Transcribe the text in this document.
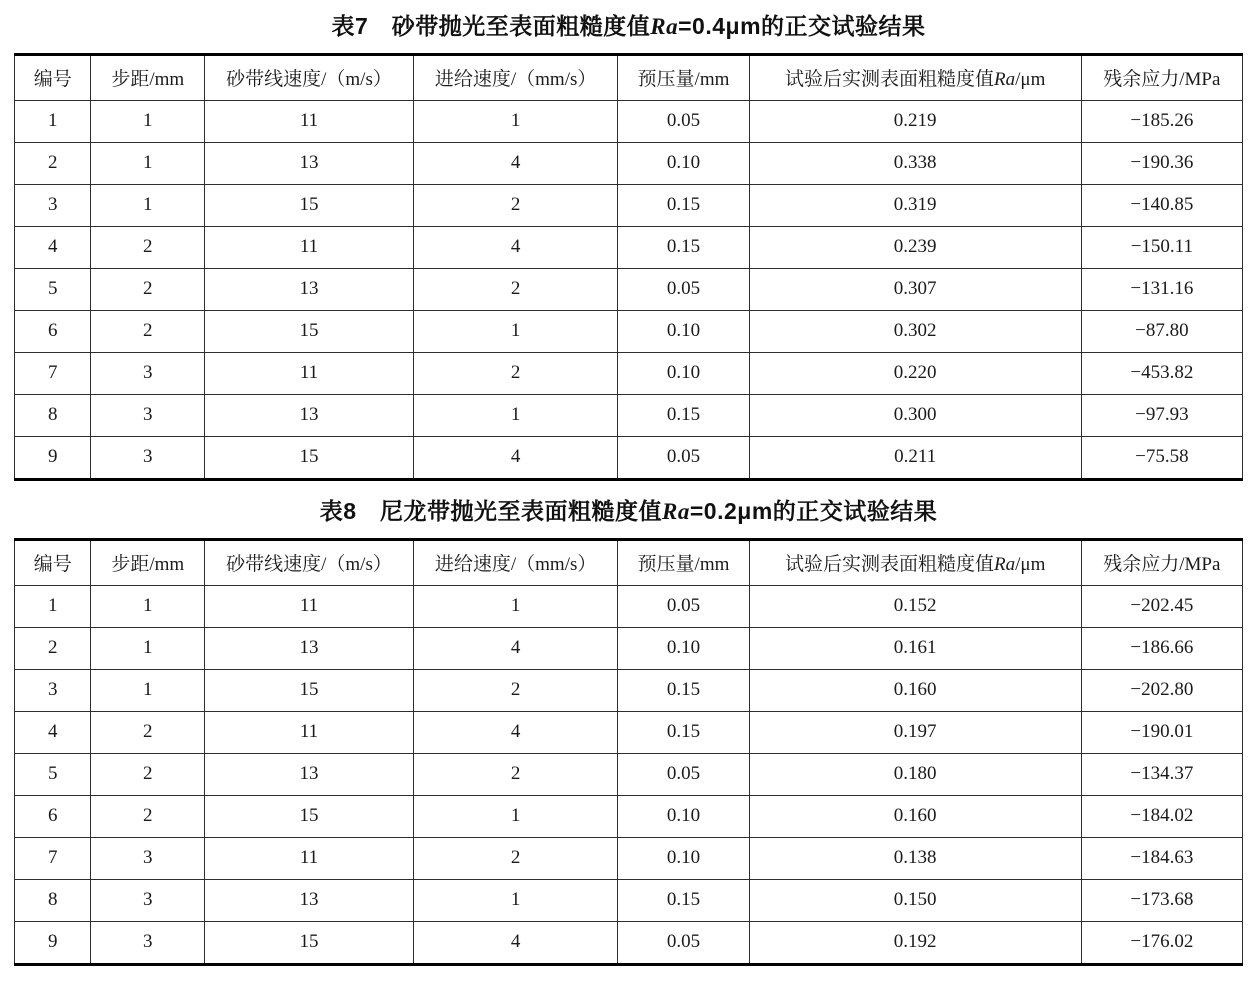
表7　砂带抛光至表面粗糙度值Ra=0.4μm的正交试验结果
编号	步距/mm	砂带线速度/（m/s）	进给速度/（mm/s）	预压量/mm	试验后实测表面粗糙度值Ra/μm	残余应力/MPa
1	1	11	1	0.05	0.219	−185.26
2	1	13	4	0.10	0.338	−190.36
3	1	15	2	0.15	0.319	−140.85
4	2	11	4	0.15	0.239	−150.11
5	2	13	2	0.05	0.307	−131.16
6	2	15	1	0.10	0.302	−87.80
7	3	11	2	0.10	0.220	−453.82
8	3	13	1	0.15	0.300	−97.93
9	3	15	4	0.05	0.211	−75.58
表8　尼龙带抛光至表面粗糙度值Ra=0.2μm的正交试验结果
编号	步距/mm	砂带线速度/（m/s）	进给速度/（mm/s）	预压量/mm	试验后实测表面粗糙度值Ra/μm	残余应力/MPa
1	1	11	1	0.05	0.152	−202.45
2	1	13	4	0.10	0.161	−186.66
3	1	15	2	0.15	0.160	−202.80
4	2	11	4	0.15	0.197	−190.01
5	2	13	2	0.05	0.180	−134.37
6	2	15	1	0.10	0.160	−184.02
7	3	11	2	0.10	0.138	−184.63
8	3	13	1	0.15	0.150	−173.68
9	3	15	4	0.05	0.192	−176.02
